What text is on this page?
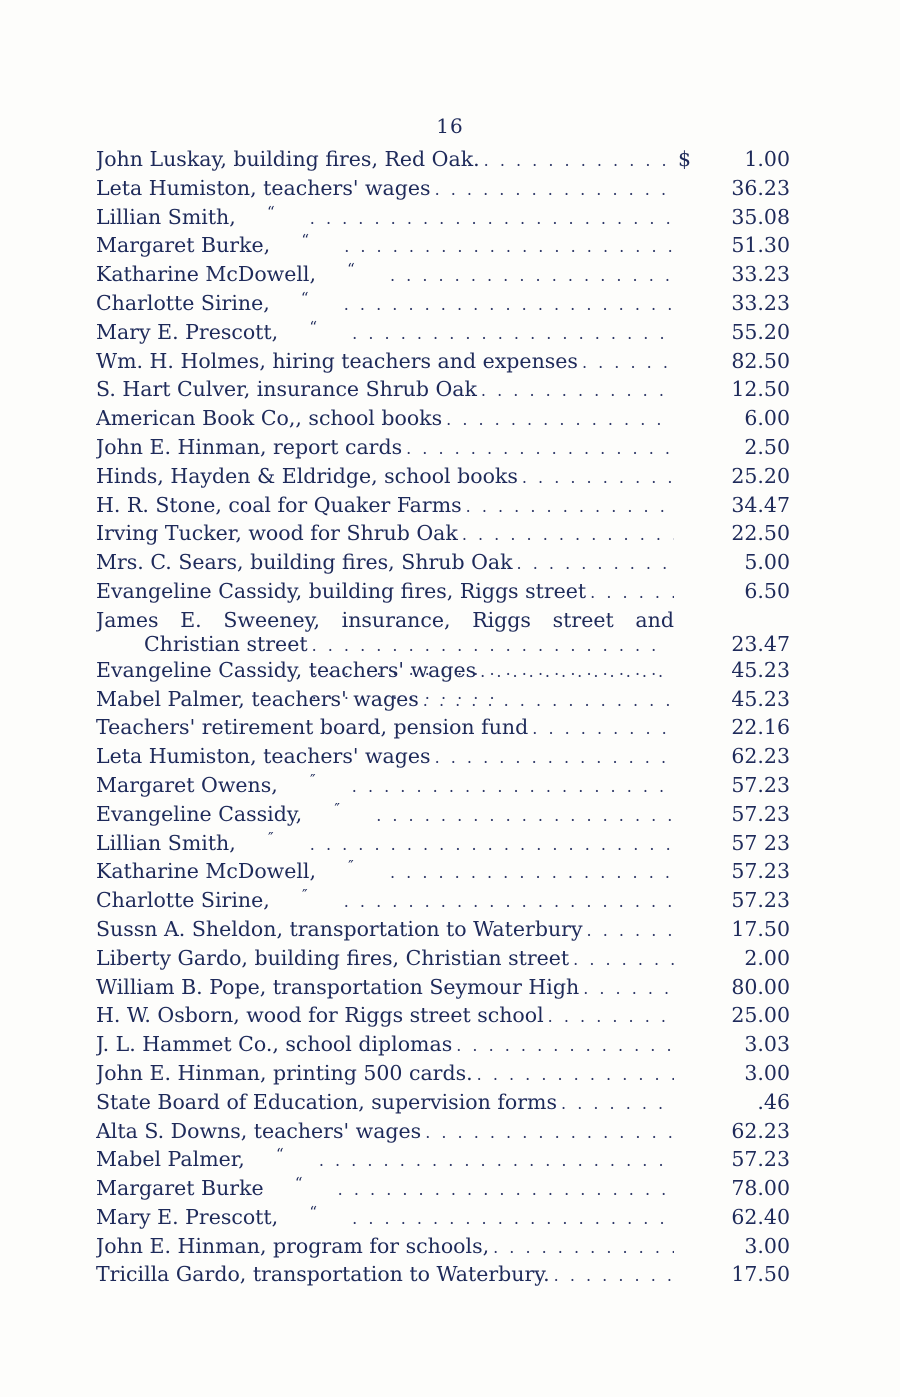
16
John Luskay, building fires, Red Oak. . . .	$	1.00
Leta Humiston, teachers' wages . . .	36.23
Lillian Smith,	“ . . .	35.08
Margaret Burke,	“ . . .	51.30
Katharine McDowell,	“ . . .	33.23
Charlotte Sirine,	“ . . .	33.23
Mary E. Prescott,	“ . . .	55.20
Wm. H. Holmes, hiring teachers and expenses . . .	82.50
S. Hart Culver, insurance Shrub Oak . . .	12.50
American Book Co,, school books . . .	6.00
John E. Hinman, report cards . . .	2.50
Hinds, Hayden & Eldridge, school books . . .	25.20
H. R. Stone, coal for Quaker Farms . . .	34.47
Irving Tucker, wood for Shrub Oak . . .	22.50
Mrs. C. Sears, building fires, Shrub Oak . . .	5.00
Evangeline Cassidy, building fires, Riggs street . . .	6.50
James E. Sweeney, insurance, Riggs street and
Christian street . . .	23.47
Evangeline Cassidy, teachers' wages . . .	45.23
Mabel Palmer, teachers' wages . . .	45.23
Teachers' retirement board, pension fund . . .	22.16
Leta Humiston, teachers' wages . . .	62.23
Margaret Owens,	″ . . .	57.23
Evangeline Cassidy,	″ . . .	57.23
Lillian Smith,	″ . . .	57 23
Katharine McDowell,	″ . . .	57.23
Charlotte Sirine,	″ . . .	57.23
Sussn A. Sheldon, transportation to Waterbury . . .	17.50
Liberty Gardo, building fires, Christian street . . .	2.00
William B. Pope, transportation Seymour High . . .	80.00
H. W. Osborn, wood for Riggs street school . . .	25.00
J. L. Hammet Co., school diplomas . . .	3.03
John E. Hinman, printing 500 cards. . . .	3.00
State Board of Education, supervision forms . . .	.46
Alta S. Downs, teachers' wages . . .	62.23
Mabel Palmer,	“ . . .	57.23
Margaret Burke	“ . . .	78.00
Mary E. Prescott,	“ . . .	62.40
John E. Hinman, program for schools, . . .	3.00
Tricilla Gardo, transportation to Waterbury. . . .	17.50
